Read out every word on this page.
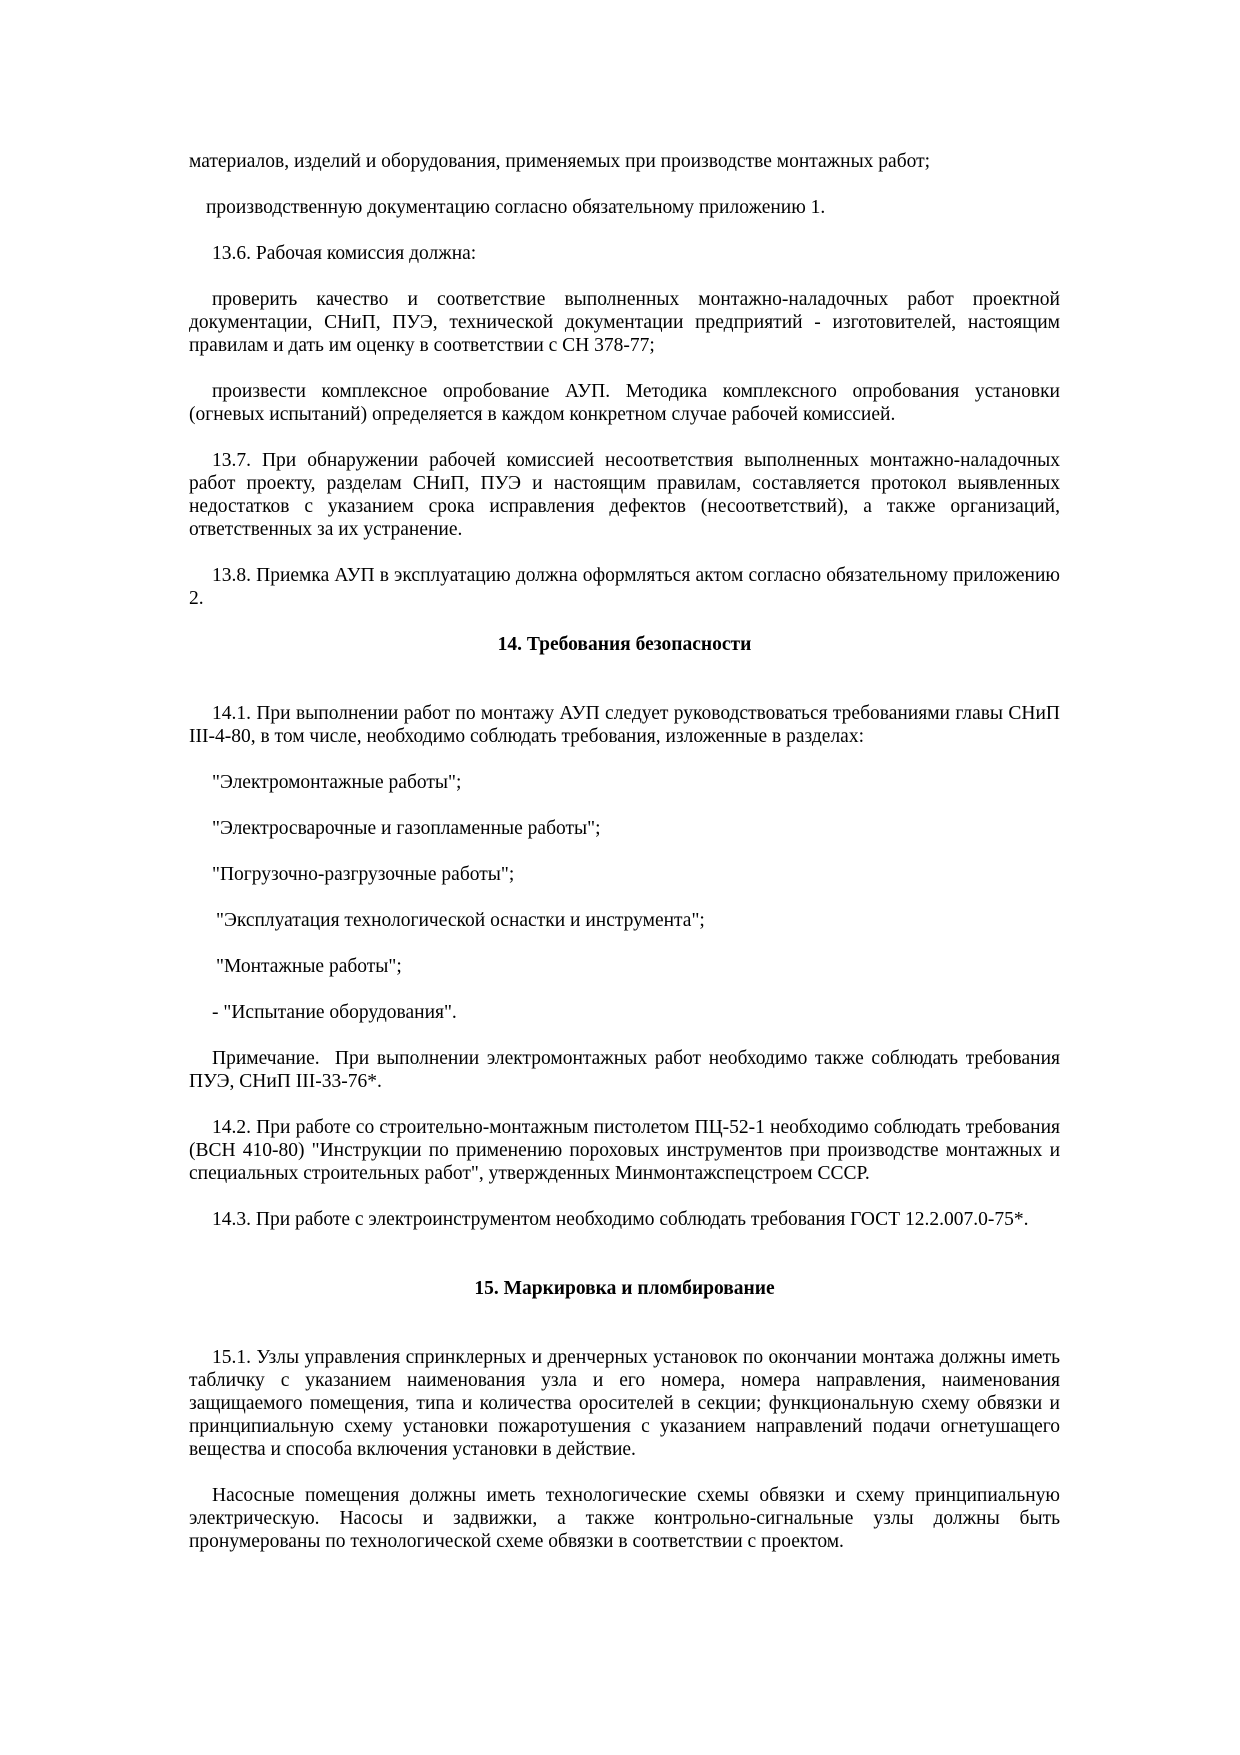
материалов, изделий и оборудования, применяемых при производстве монтажных работ;

производственную документацию согласно обязательному приложению 1.

13.6. Рабочая комиссия должна:

проверить качество и соответствие выполненных монтажно-наладочных работ проектной документации, СНиП, ПУЭ, технической документации предприятий - изготовителей, настоящим правилам и дать им оценку в соответствии с СН 378-77;

произвести комплексное опробование АУП. Методика комплексного опробования установки (огневых испытаний) определяется в каждом конкретном случае рабочей комиссией.

13.7. При обнаружении рабочей комиссией несоответствия выполненных монтажно-наладочных работ проекту, разделам СНиП, ПУЭ и настоящим правилам, составляется протокол выявленных недостатков с указанием срока исправления дефектов (несоответствий), а также организаций, ответственных за их устранение.

13.8. Приемка АУП в эксплуатацию должна оформляться актом согласно обязательному приложению 2.

14. Требования безопасности

14.1. При выполнении работ по монтажу АУП следует руководствоваться требованиями главы СНиП III-4-80, в том числе, необходимо соблюдать требования, изложенные в разделах:

"Электромонтажные работы";

"Электросварочные и газопламенные работы";

"Погрузочно-разгрузочные работы";

"Эксплуатация технологической оснастки и инструмента";

"Монтажные работы";

- "Испытание оборудования".

Примечание.  При выполнении электромонтажных работ необходимо также соблюдать требования ПУЭ, СНиП III-33-76*.

14.2. При работе со строительно-монтажным пистолетом ПЦ-52-1 необходимо соблюдать требования (ВСН 410-80) "Инструкции по применению пороховых инструментов при производстве монтажных и специальных строительных работ", утвержденных Минмонтажспецстроем СССР.

14.3. При работе с электроинструментом необходимо соблюдать требования ГОСТ 12.2.007.0-75*.

15. Маркировка и пломбирование

15.1. Узлы управления спринклерных и дренчерных установок по окончании монтажа должны иметь табличку с указанием наименования узла и его номера, номера направления, наименования защищаемого помещения, типа и количества оросителей в секции; функциональную схему обвязки и принципиальную схему установки пожаротушения с указанием направлений подачи огнетушащего вещества и способа включения установки в действие.

Насосные помещения должны иметь технологические схемы обвязки и схему принципиальную электрическую. Насосы и задвижки, а также контрольно-сигнальные узлы должны быть пронумерованы по технологической схеме обвязки в соответствии с проектом.
